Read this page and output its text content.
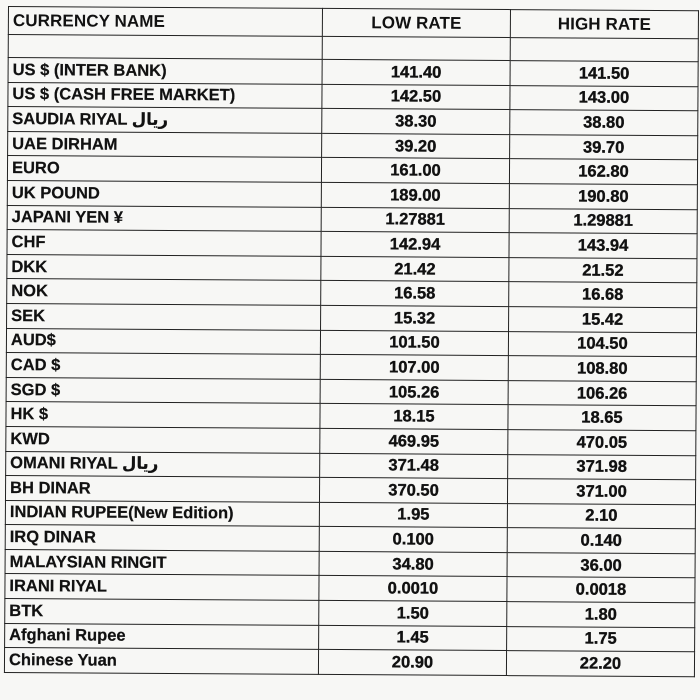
CURRENCY NAME	LOW RATE	HIGH RATE

US $ (INTER BANK)	141.40	141.50
US $ (CASH FREE MARKET)	142.50	143.00
SAUDIA RIYAL ریال	38.30	38.80
UAE DIRHAM	39.20	39.70
EURO	161.00	162.80
UK POUND	189.00	190.80
JAPANI YEN ¥	1.27881	1.29881
CHF	142.94	143.94
DKK	21.42	21.52
NOK	16.58	16.68
SEK	15.32	15.42
AUD$	101.50	104.50
CAD $	107.00	108.80
SGD $	105.26	106.26
HK $	18.15	18.65
KWD	469.95	470.05
OMANI RIYAL ریال	371.48	371.98
BH DINAR	370.50	371.00
INDIAN RUPEE(New Edition)	1.95	2.10
IRQ DINAR	0.100	0.140
MALAYSIAN RINGIT	34.80	36.00
IRANI RIYAL	0.0010	0.0018
BTK	1.50	1.80
Afghani Rupee	1.45	1.75
Chinese Yuan	20.90	22.20
